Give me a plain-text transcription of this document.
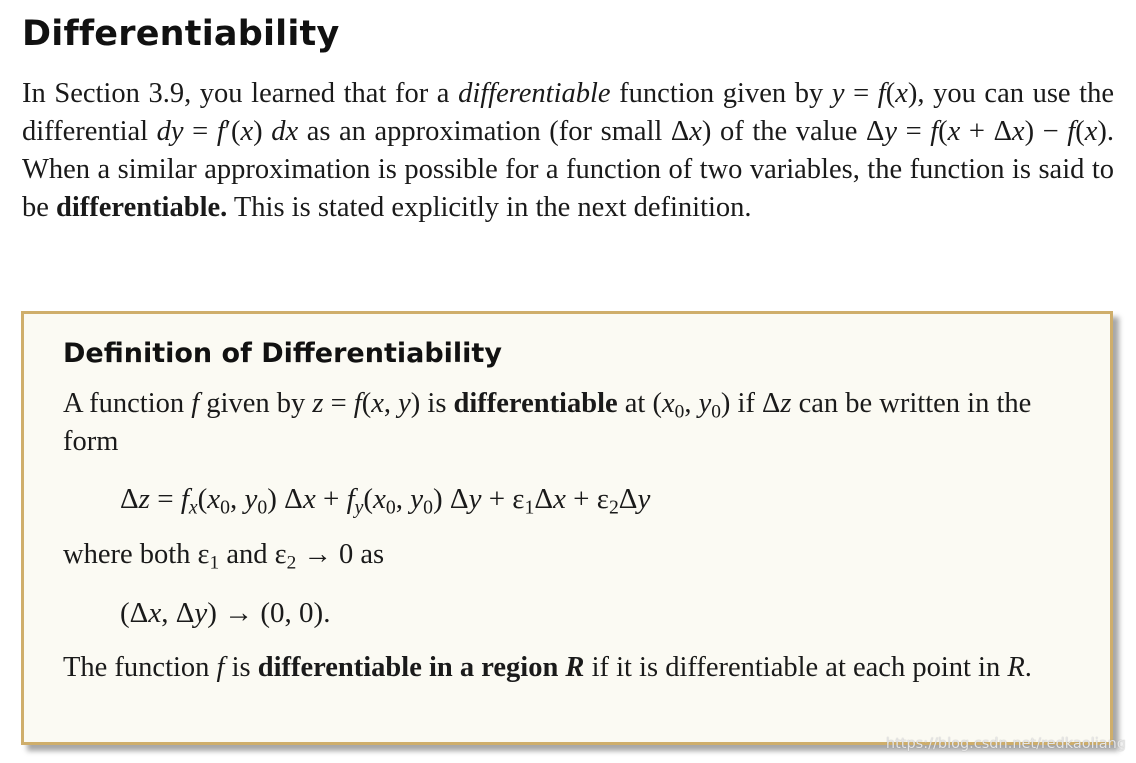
Differentiability

In Section 3.9, you learned that for a differentiable function given by y = f(x), you can use the differential dy = f′(x) dx as an approximation (for small Δx) of the value Δy = f(x + Δx) − f(x). When a similar approximation is possible for a function of two variables, the function is said to be differentiable. This is stated explicitly in the next definition.

Definition of Differentiability

A function f given by z = f(x, y) is differentiable at ($x_0$, $y_0$) if Δz can be written in the form

$\Delta z = f_x(x_0$, $y_0$) $\Delta x + f_y(x_0$, $y_0$) $\Delta y + \varepsilon_1\Delta x + \varepsilon_2\Delta y$

where both $\varepsilon_1$ and $\varepsilon_2 \to 0$ as

(Δx, Δy) → (0, 0).

The function f is differentiable in a region R if it is differentiable at each point in R.

https://blog.csdn.net/redkaoliang
